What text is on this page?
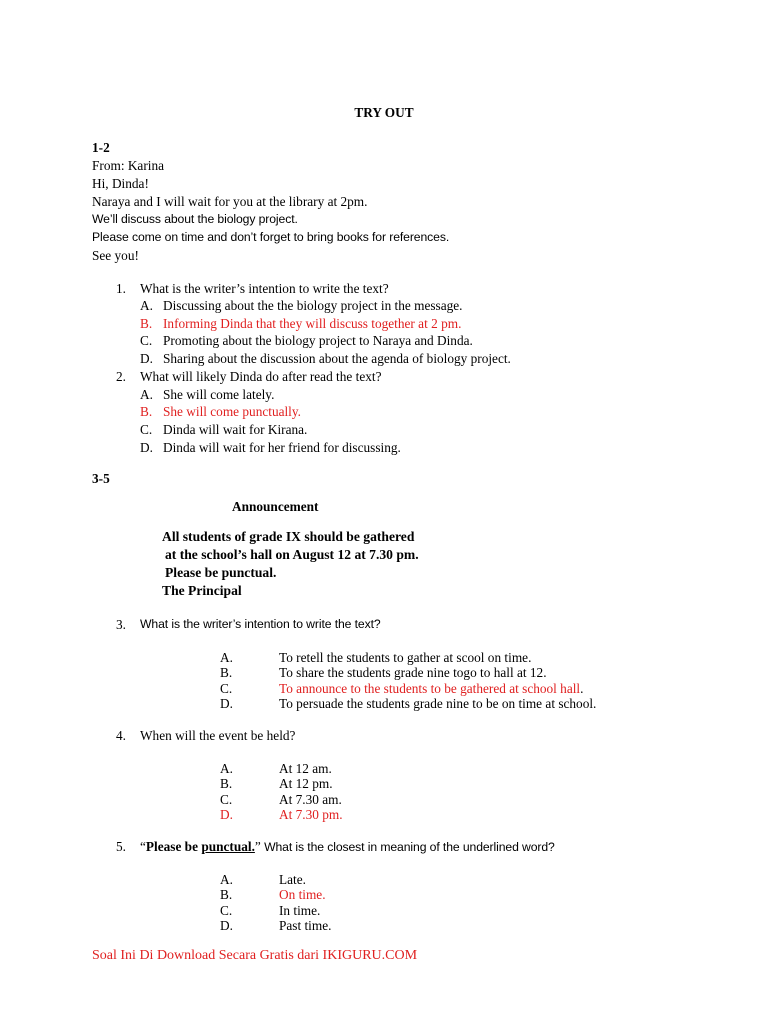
TRY OUT
1-2
From: Karina
Hi, Dinda!
Naraya and I will wait for you at the library at 2pm.
We’ll discuss about the biology project.
Please come on time and don’t forget to bring books for references.
See you!
1. What is the writer’s intention to write the text?
A. Discussing about the the biology project in the message.
B. Informing Dinda that they will discuss together at 2 pm.
C. Promoting about the biology project to Naraya and Dinda.
D. Sharing about the discussion about the agenda of biology project.
2. What will likely Dinda do after read the text?
A. She will come lately.
B. She will come punctually.
C. Dinda will wait for Kirana.
D. Dinda will wait for her friend for discussing.
3-5
Announcement
All students of grade IX should be gathered
at the school’s hall on August 12 at 7.30 pm.
Please be punctual.
The Principal
3. What is the writer’s intention to write the text?
A.	To retell the students to gather at scool on time.
B.	To share the students grade nine togo to hall at 12.
C.	To announce to the students to be gathered at school hall.
D.	To persuade the students grade nine to be on time at school.
4. When will the event be held?
A.	At 12 am.
B.	At 12 pm.
C.	At 7.30 am.
D.	At 7.30 pm.
5. “Please be punctual.” What is the closest in meaning of the underlined word?
A.	Late.
B.	On time.
C.	In time.
D.	Past time.
Soal Ini Di Download Secara Gratis dari IKIGURU.COM
